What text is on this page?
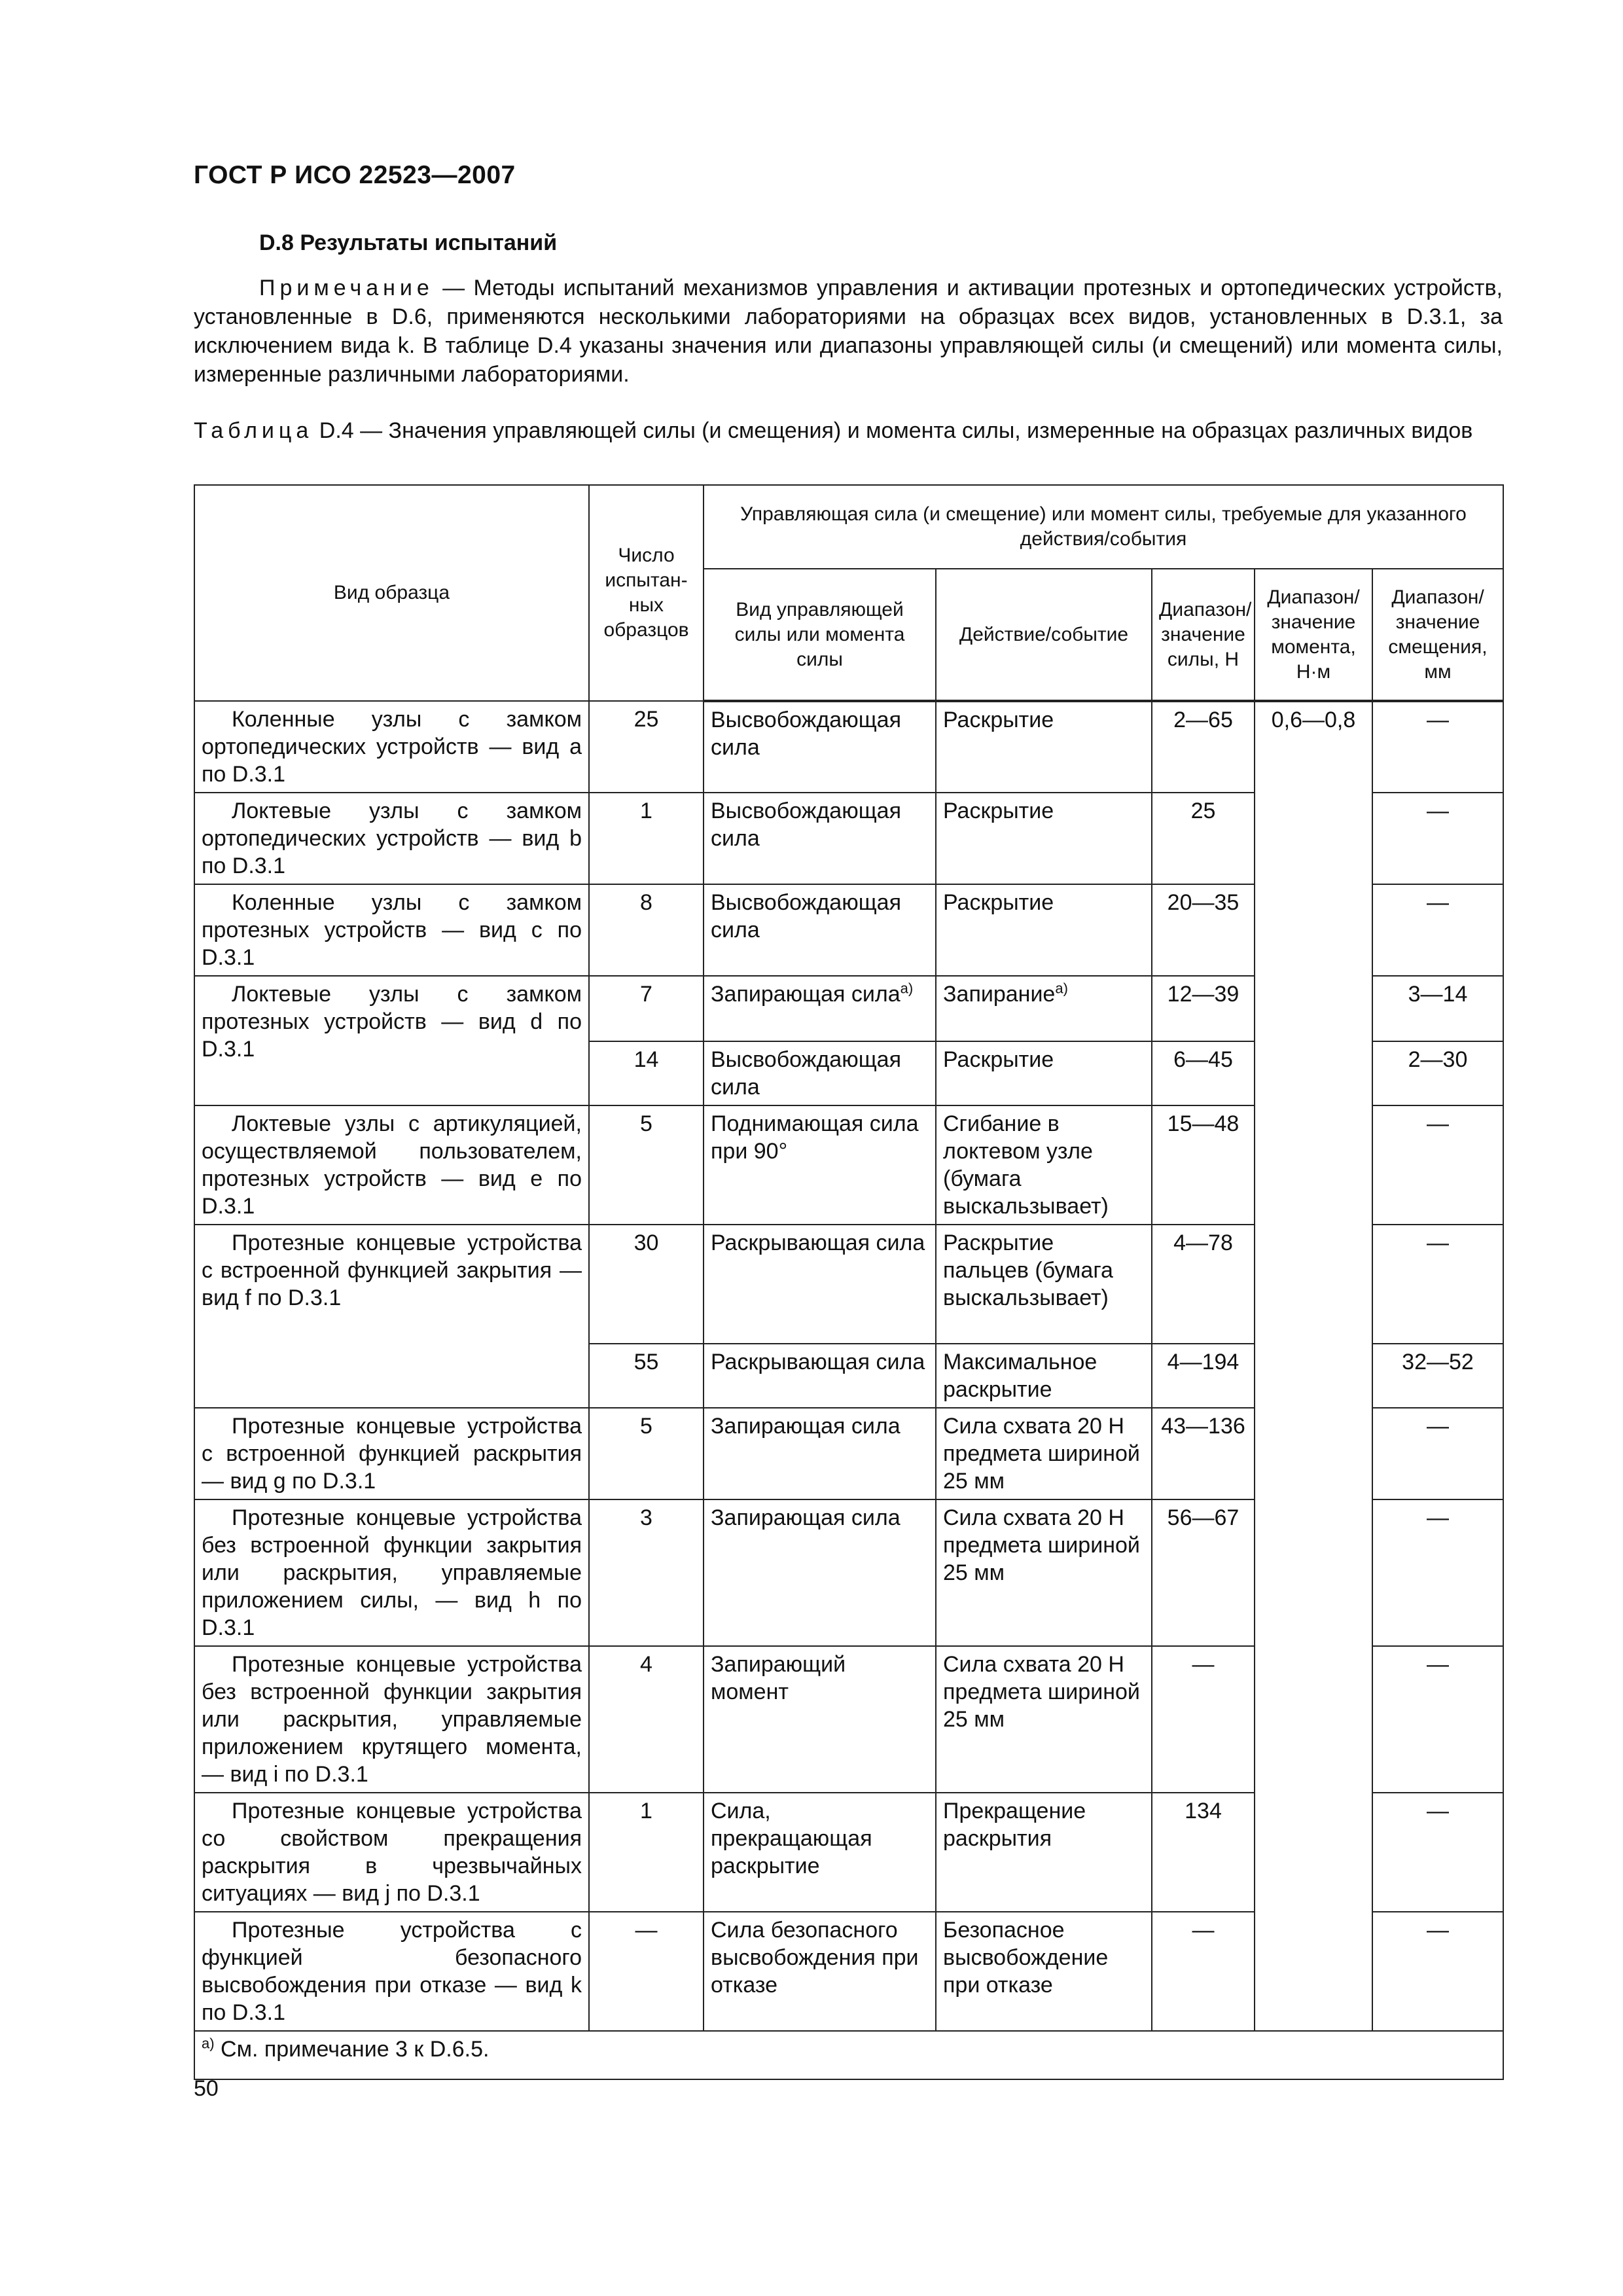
ГОСТ Р ИСО 22523—2007
D.8 Результаты испытаний
Примечание — Методы испытаний механизмов управления и активации протезных и ортопедических устройств, установленные в D.6, применяются несколькими лабораториями на образцах всех видов, установленных в D.3.1, за исключением вида k. В таблице D.4 указаны значения или диапазоны управляющей силы (и смещений) или момента силы, измеренные различными лабораториями.
Таблица D.4 — Значения управляющей силы (и смещения) и момента силы, измеренные на образцах различных видов
Вид образца	Число испытан-ных образцов	Управляющая сила (и смещение) или момент силы, требуемые для указанного действия/события				
		Вид управляющей силы или момента силы	Действие/событие	Диапазон/ значение силы, Н	Диапазон/ значение момента, Н·м	Диапазон/ значение смещения, мм
Коленные узлы с замком ортопедических устройств — вид a по D.3.1	25	Высвобождающая сила	Раскрытие	2—65	0,6—0,8	—
Локтевые узлы с замком ортопедических устройств — вид b по D.3.1	1	Высвобождающая сила	Раскрытие	25		—
Коленные узлы с замком протезных устройств — вид c по D.3.1	8	Высвобождающая сила	Раскрытие	20—35		—
Локтевые узлы с замком протезных устройств — вид d по D.3.1	7	Запирающая сила$^{а)}$	Запирание$^{а)}$	12—39		3—14
	14	Высвобождающая сила	Раскрытие	6—45		2—30
Локтевые узлы с артикуляцией, осуществляемой пользователем, протезных устройств — вид e по D.3.1	5	Поднимающая сила при 90°	Сгибание в локтевом узле (бумага выскальзывает)	15—48		—
Протезные концевые устройства с встроенной функцией закрытия — вид f по D.3.1	30	Раскрывающая сила	Раскрытие пальцев (бумага выскальзывает)	4—78		—
	55	Раскрывающая сила	Максимальное раскрытие	4—194		32—52
Протезные концевые устройства с встроенной функцией раскрытия — вид g по D.3.1	5	Запирающая сила	Сила схвата 20 Н предмета шириной 25 мм	43—136		—
Протезные концевые устройства без встроенной функции закрытия или раскрытия, управляемые приложением силы, — вид h по D.3.1	3	Запирающая сила	Сила схвата 20 Н предмета шириной 25 мм	56—67		—
Протезные концевые устройства без встроенной функции закрытия или раскрытия, управляемые приложением крутящего момента, — вид i по D.3.1	4	Запирающий момент	Сила схвата 20 Н предмета шириной 25 мм	—		—
Протезные концевые устройства со свойством прекращения раскрытия в чрезвычайных ситуациях — вид j по D.3.1	1	Сила, прекращающая раскрытие	Прекращение раскрытия	134		—
Протезные устройства с функцией безопасного высвобождения при отказе — вид k по D.3.1	—	Сила безопасного высвобождения при отказе	Безопасное высвобождение при отказе	—		—
$^{а)}$ См. примечание 3 к D.6.5.						
50
